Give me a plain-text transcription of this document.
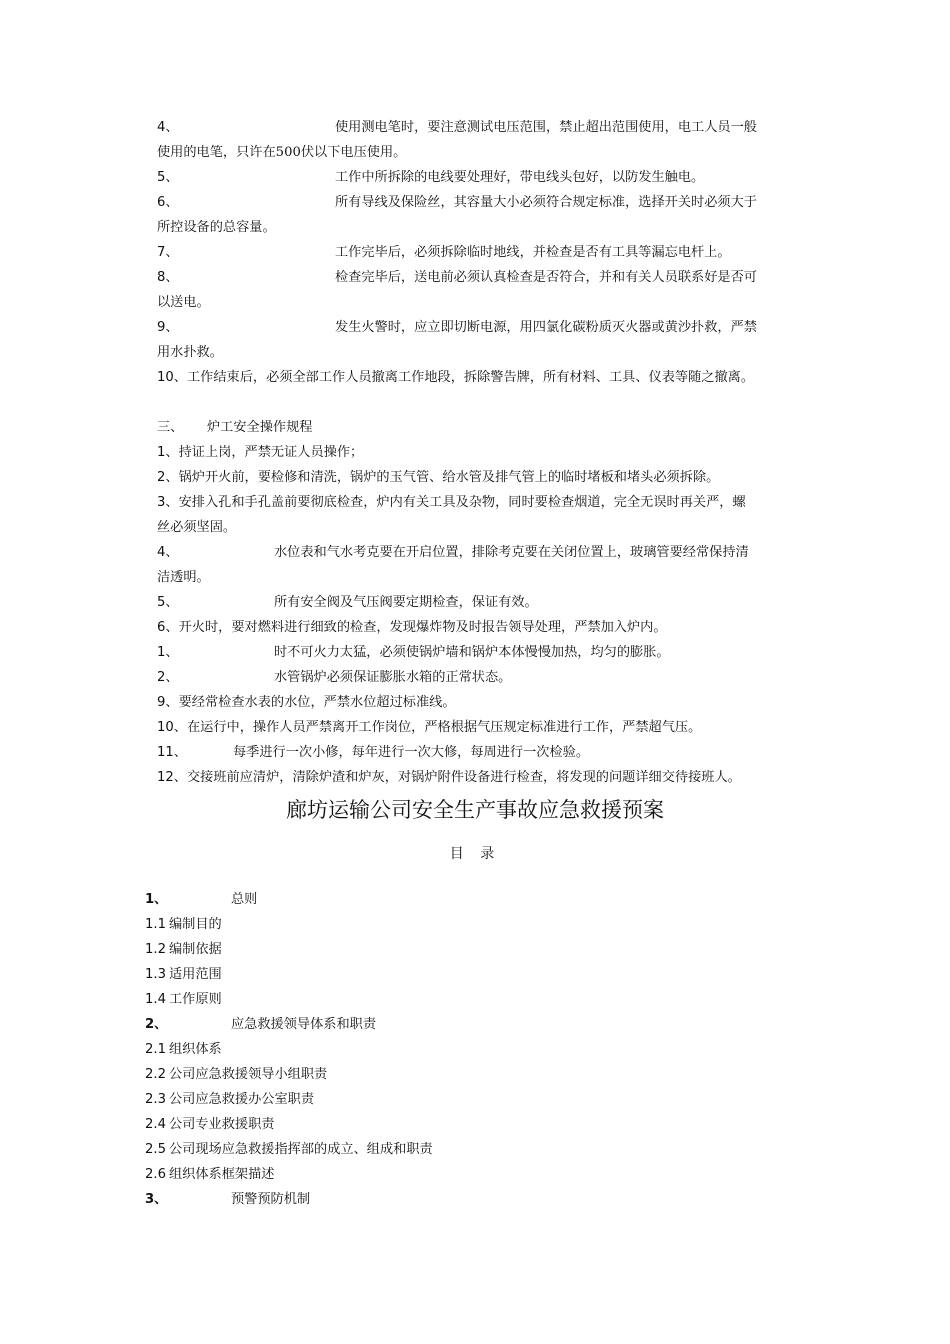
4、	使用测电笔时，要注意测试电压范围，禁止超出范围使用，电工人员一般
使用的电笔，只许在500伏以下电压使用。
5、	工作中所拆除的电线要处理好，带电线头包好，以防发生触电。
6、	所有导线及保险丝，其容量大小必须符合规定标准，选择开关时必须大于
所控设备的总容量。
7、	工作完毕后，必须拆除临时地线，并检查是否有工具等漏忘电杆上。
8、	检查完毕后，送电前必须认真检查是否符合，并和有关人员联系好是否可
以送电。
9、	发生火警时，应立即切断电源，用四氯化碳粉质灭火器或黄沙扑救，严禁
用水扑救。
10、工作结束后，必须全部工作人员撤离工作地段，拆除警告牌，所有材料、工具、仪表等随之撤离。
三、 炉工安全操作规程
1、持证上岗，严禁无证人员操作；
2、锅炉开火前，要检修和清洗，锅炉的玉气管、给水管及排气管上的临时堵板和堵头必须拆除。
3、安排入孔和手孔盖前要彻底检查，炉内有关工具及杂物，同时要检查烟道，完全无误时再关严，螺
丝必须坚固。
4、	水位表和气水考克要在开启位置，排除考克要在关闭位置上，玻璃管要经常保持清
洁透明。
5、	所有安全阀及气压阀要定期检查，保证有效。
6、开火时，要对燃料进行细致的检查，发现爆炸物及时报告领导处理，严禁加入炉内。
1、	时不可火力太猛，必须使锅炉墙和锅炉本体慢慢加热，均匀的膨胀。
2、	水管锅炉必须保证膨胀水箱的正常状态。
9、要经常检查水表的水位，严禁水位超过标准线。
10、在运行中，操作人员严禁离开工作岗位，严格根据气压规定标准进行工作，严禁超气压。
11、	每季进行一次小修，每年进行一次大修，每周进行一次检验。
12、交接班前应清炉，清除炉渣和炉灰，对锅炉附件设备进行检查，将发现的问题详细交待接班人。
廊坊运输公司安全生产事故应急救援预案
目 录
1、	总则
1.1 编制目的
1.2 编制依据
1.3 适用范围
1.4 工作原则
2、	应急救援领导体系和职责
2.1 组织体系
2.2 公司应急救援领导小组职责
2.3 公司应急救援办公室职责
2.4 公司专业救援职责
2.5 公司现场应急救援指挥部的成立、组成和职责
2.6 组织体系框架描述
3、	预警预防机制
